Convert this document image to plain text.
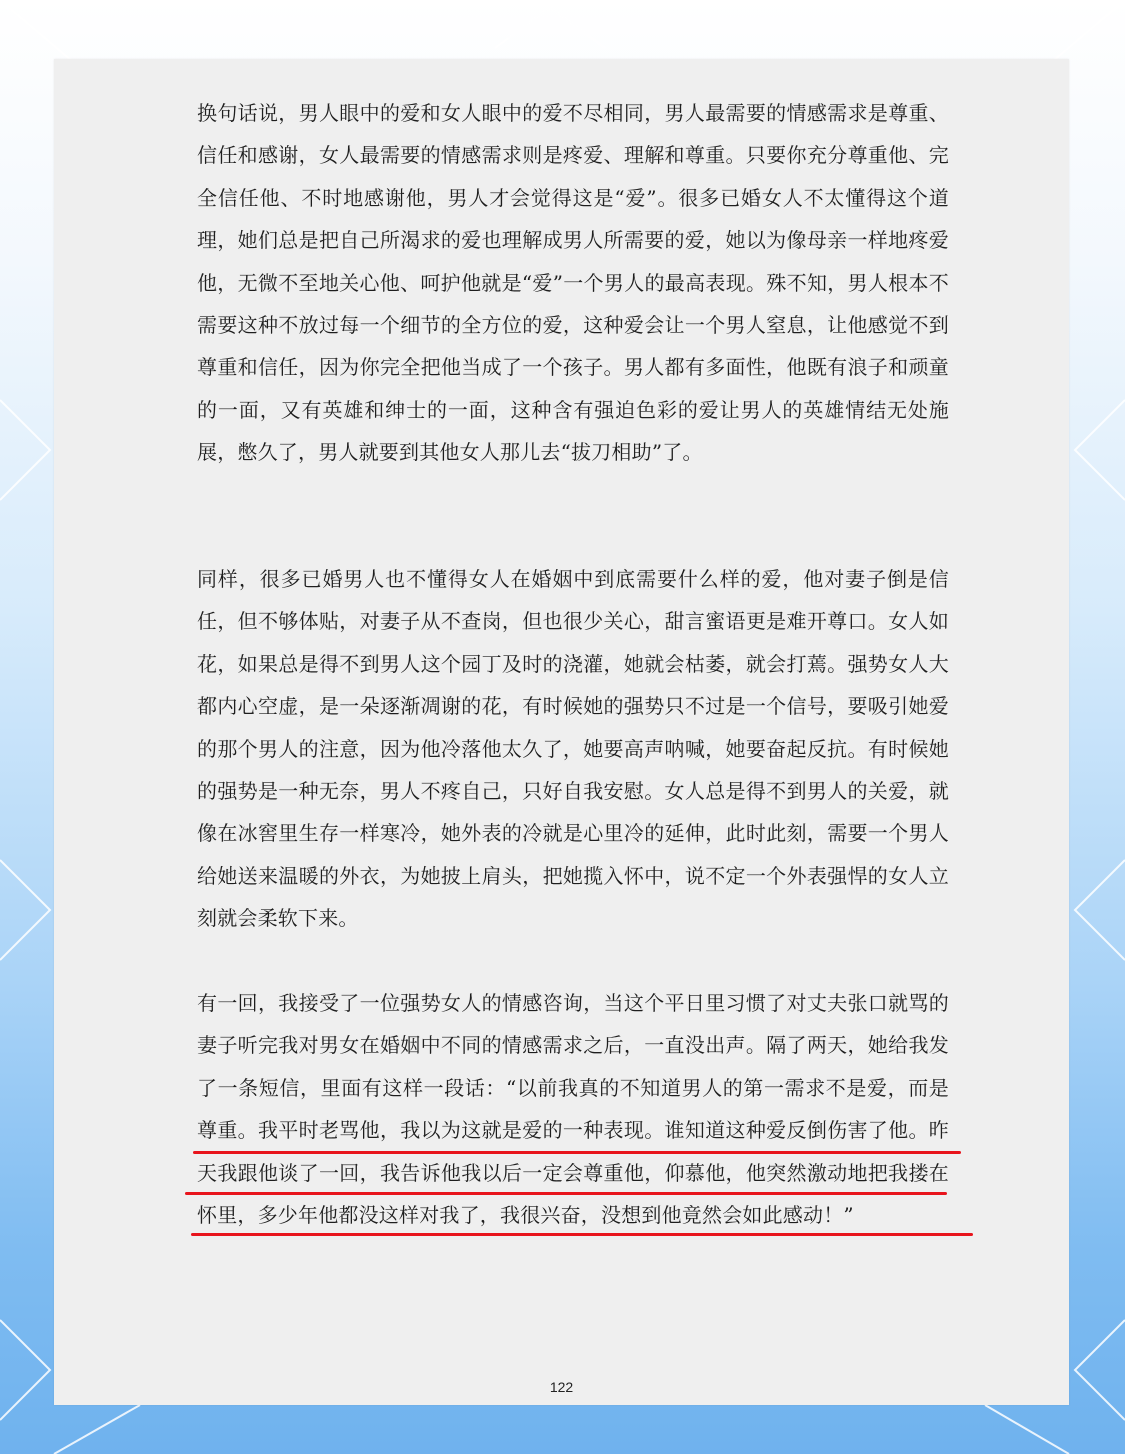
换句话说，男人眼中的爱和女人眼中的爱不尽相同，男人最需要的情感需求是尊重、信任和感谢，女人最需要的情感需求则是疼爱、理解和尊重。只要你充分尊重他、完全信任他、不时地感谢他，男人才会觉得这是“爱”。很多已婚女人不太懂得这个道理，她们总是把自己所渴求的爱也理解成男人所需要的爱，她以为像母亲一样地疼爱他，无微不至地关心他、呵护他就是“爱”一个男人的最高表现。殊不知，男人根本不需要这种不放过每一个细节的全方位的爱，这种爱会让一个男人窒息，让他感觉不到尊重和信任，因为你完全把他当成了一个孩子。男人都有多面性，他既有浪子和顽童的一面，又有英雄和绅士的一面，这种含有强迫色彩的爱让男人的英雄情结无处施展，憋久了，男人就要到其他女人那儿去“拔刀相助”了。

同样，很多已婚男人也不懂得女人在婚姻中到底需要什么样的爱，他对妻子倒是信任，但不够体贴，对妻子从不查岗，但也很少关心，甜言蜜语更是难开尊口。女人如花，如果总是得不到男人这个园丁及时的浇灌，她就会枯萎，就会打蔫。强势女人大都内心空虚，是一朵逐渐凋谢的花，有时候她的强势只不过是一个信号，要吸引她爱的那个男人的注意，因为他冷落他太久了，她要高声呐喊，她要奋起反抗。有时候她的强势是一种无奈，男人不疼自己，只好自我安慰。女人总是得不到男人的关爱，就像在冰窖里生存一样寒冷，她外表的冷就是心里冷的延伸，此时此刻，需要一个男人给她送来温暖的外衣，为她披上肩头，把她揽入怀中，说不定一个外表强悍的女人立刻就会柔软下来。

有一回，我接受了一位强势女人的情感咨询，当这个平日里习惯了对丈夫张口就骂的妻子听完我对男女在婚姻中不同的情感需求之后，一直没出声。隔了两天，她给我发了一条短信，里面有这样一段话：“以前我真的不知道男人的第一需求不是爱，而是尊重。我平时老骂他，我以为这就是爱的一种表现。谁知道这种爱反倒伤害了他。昨天我跟他谈了一回，我告诉他我以后一定会尊重他，仰慕他，他突然激动地把我搂在怀里，多少年他都没这样对我了，我很兴奋，没想到他竟然会如此感动！”

122
